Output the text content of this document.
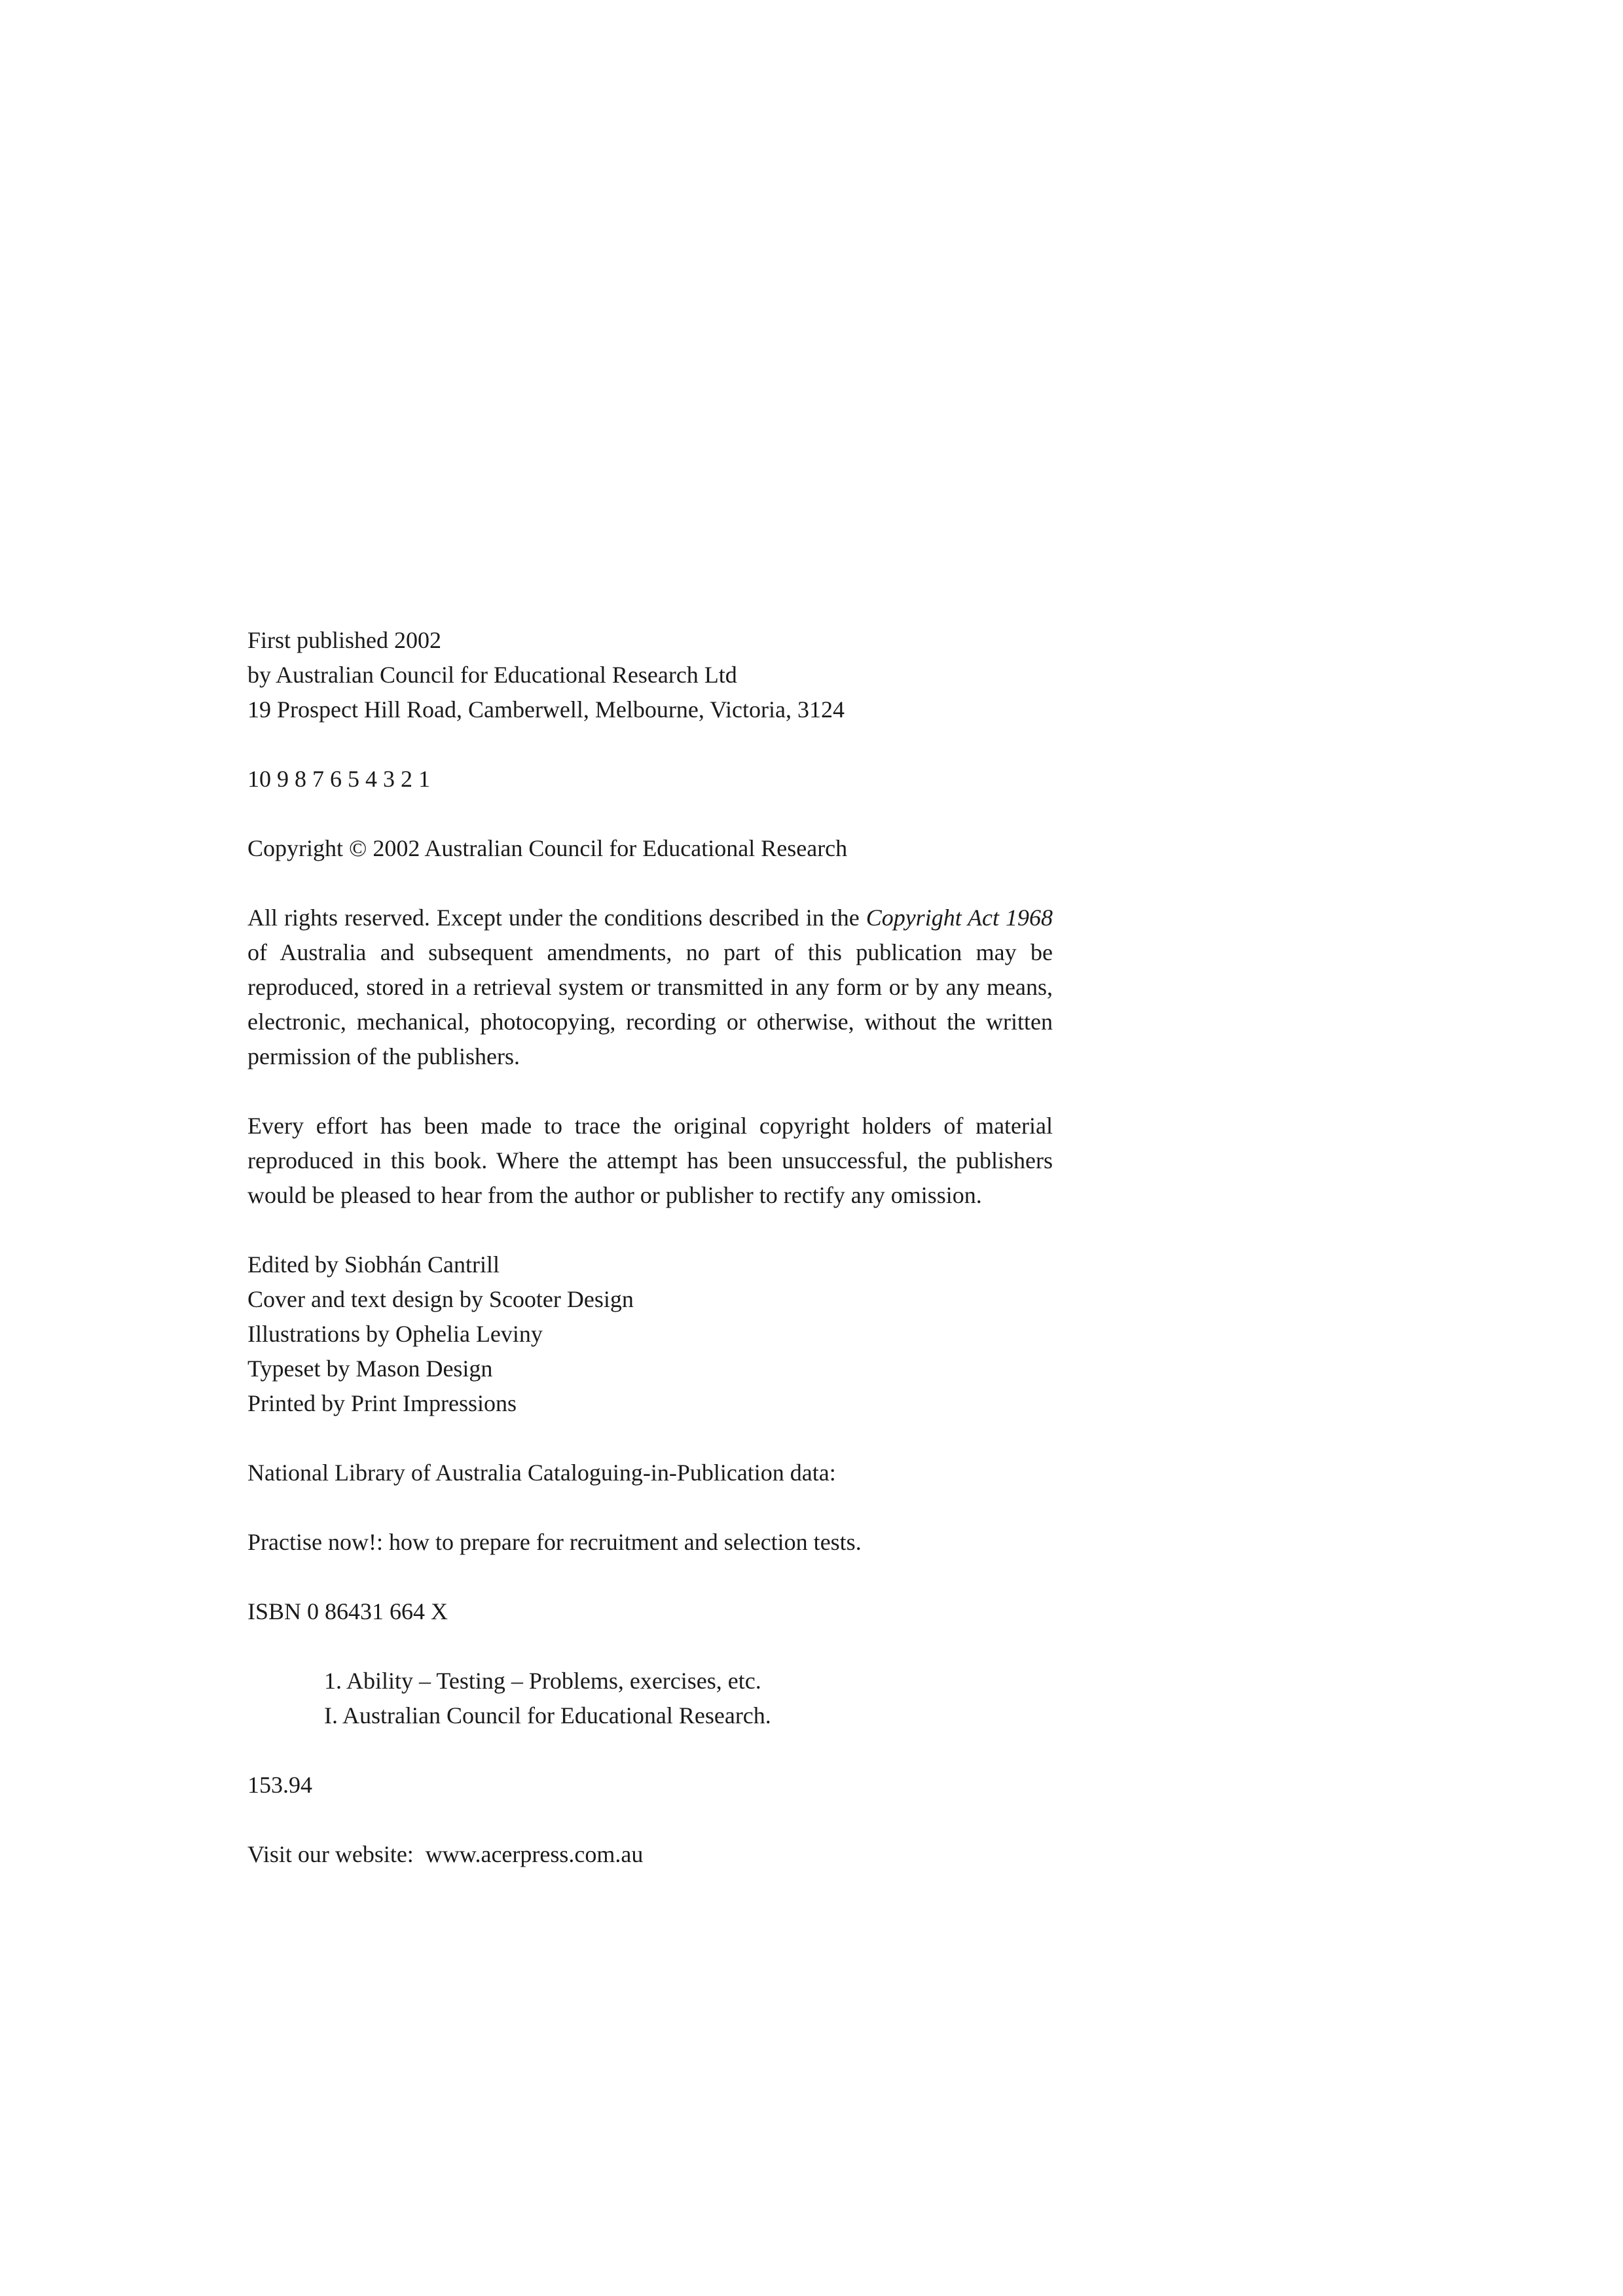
First published 2002
by Australian Council for Educational Research Ltd
19 Prospect Hill Road, Camberwell, Melbourne, Victoria, 3124
10 9 8 7 6 5 4 3 2 1
Copyright © 2002 Australian Council for Educational Research
All rights reserved. Except under the conditions described in the Copyright Act 1968 of Australia and subsequent amendments, no part of this publication may be reproduced, stored in a retrieval system or transmitted in any form or by any means, electronic, mechanical, photocopying, recording or otherwise, without the written permission of the publishers.
Every effort has been made to trace the original copyright holders of material reproduced in this book. Where the attempt has been unsuccessful, the publishers would be pleased to hear from the author or publisher to rectify any omission.
Edited by Siobhán Cantrill
Cover and text design by Scooter Design
Illustrations by Ophelia Leviny
Typeset by Mason Design
Printed by Print Impressions
National Library of Australia Cataloguing-in-Publication data:
Practise now!: how to prepare for recruitment and selection tests.
ISBN 0 86431 664 X
1. Ability – Testing – Problems, exercises, etc.
I. Australian Council for Educational Research.
153.94
Visit our website:  www.acerpress.com.au
